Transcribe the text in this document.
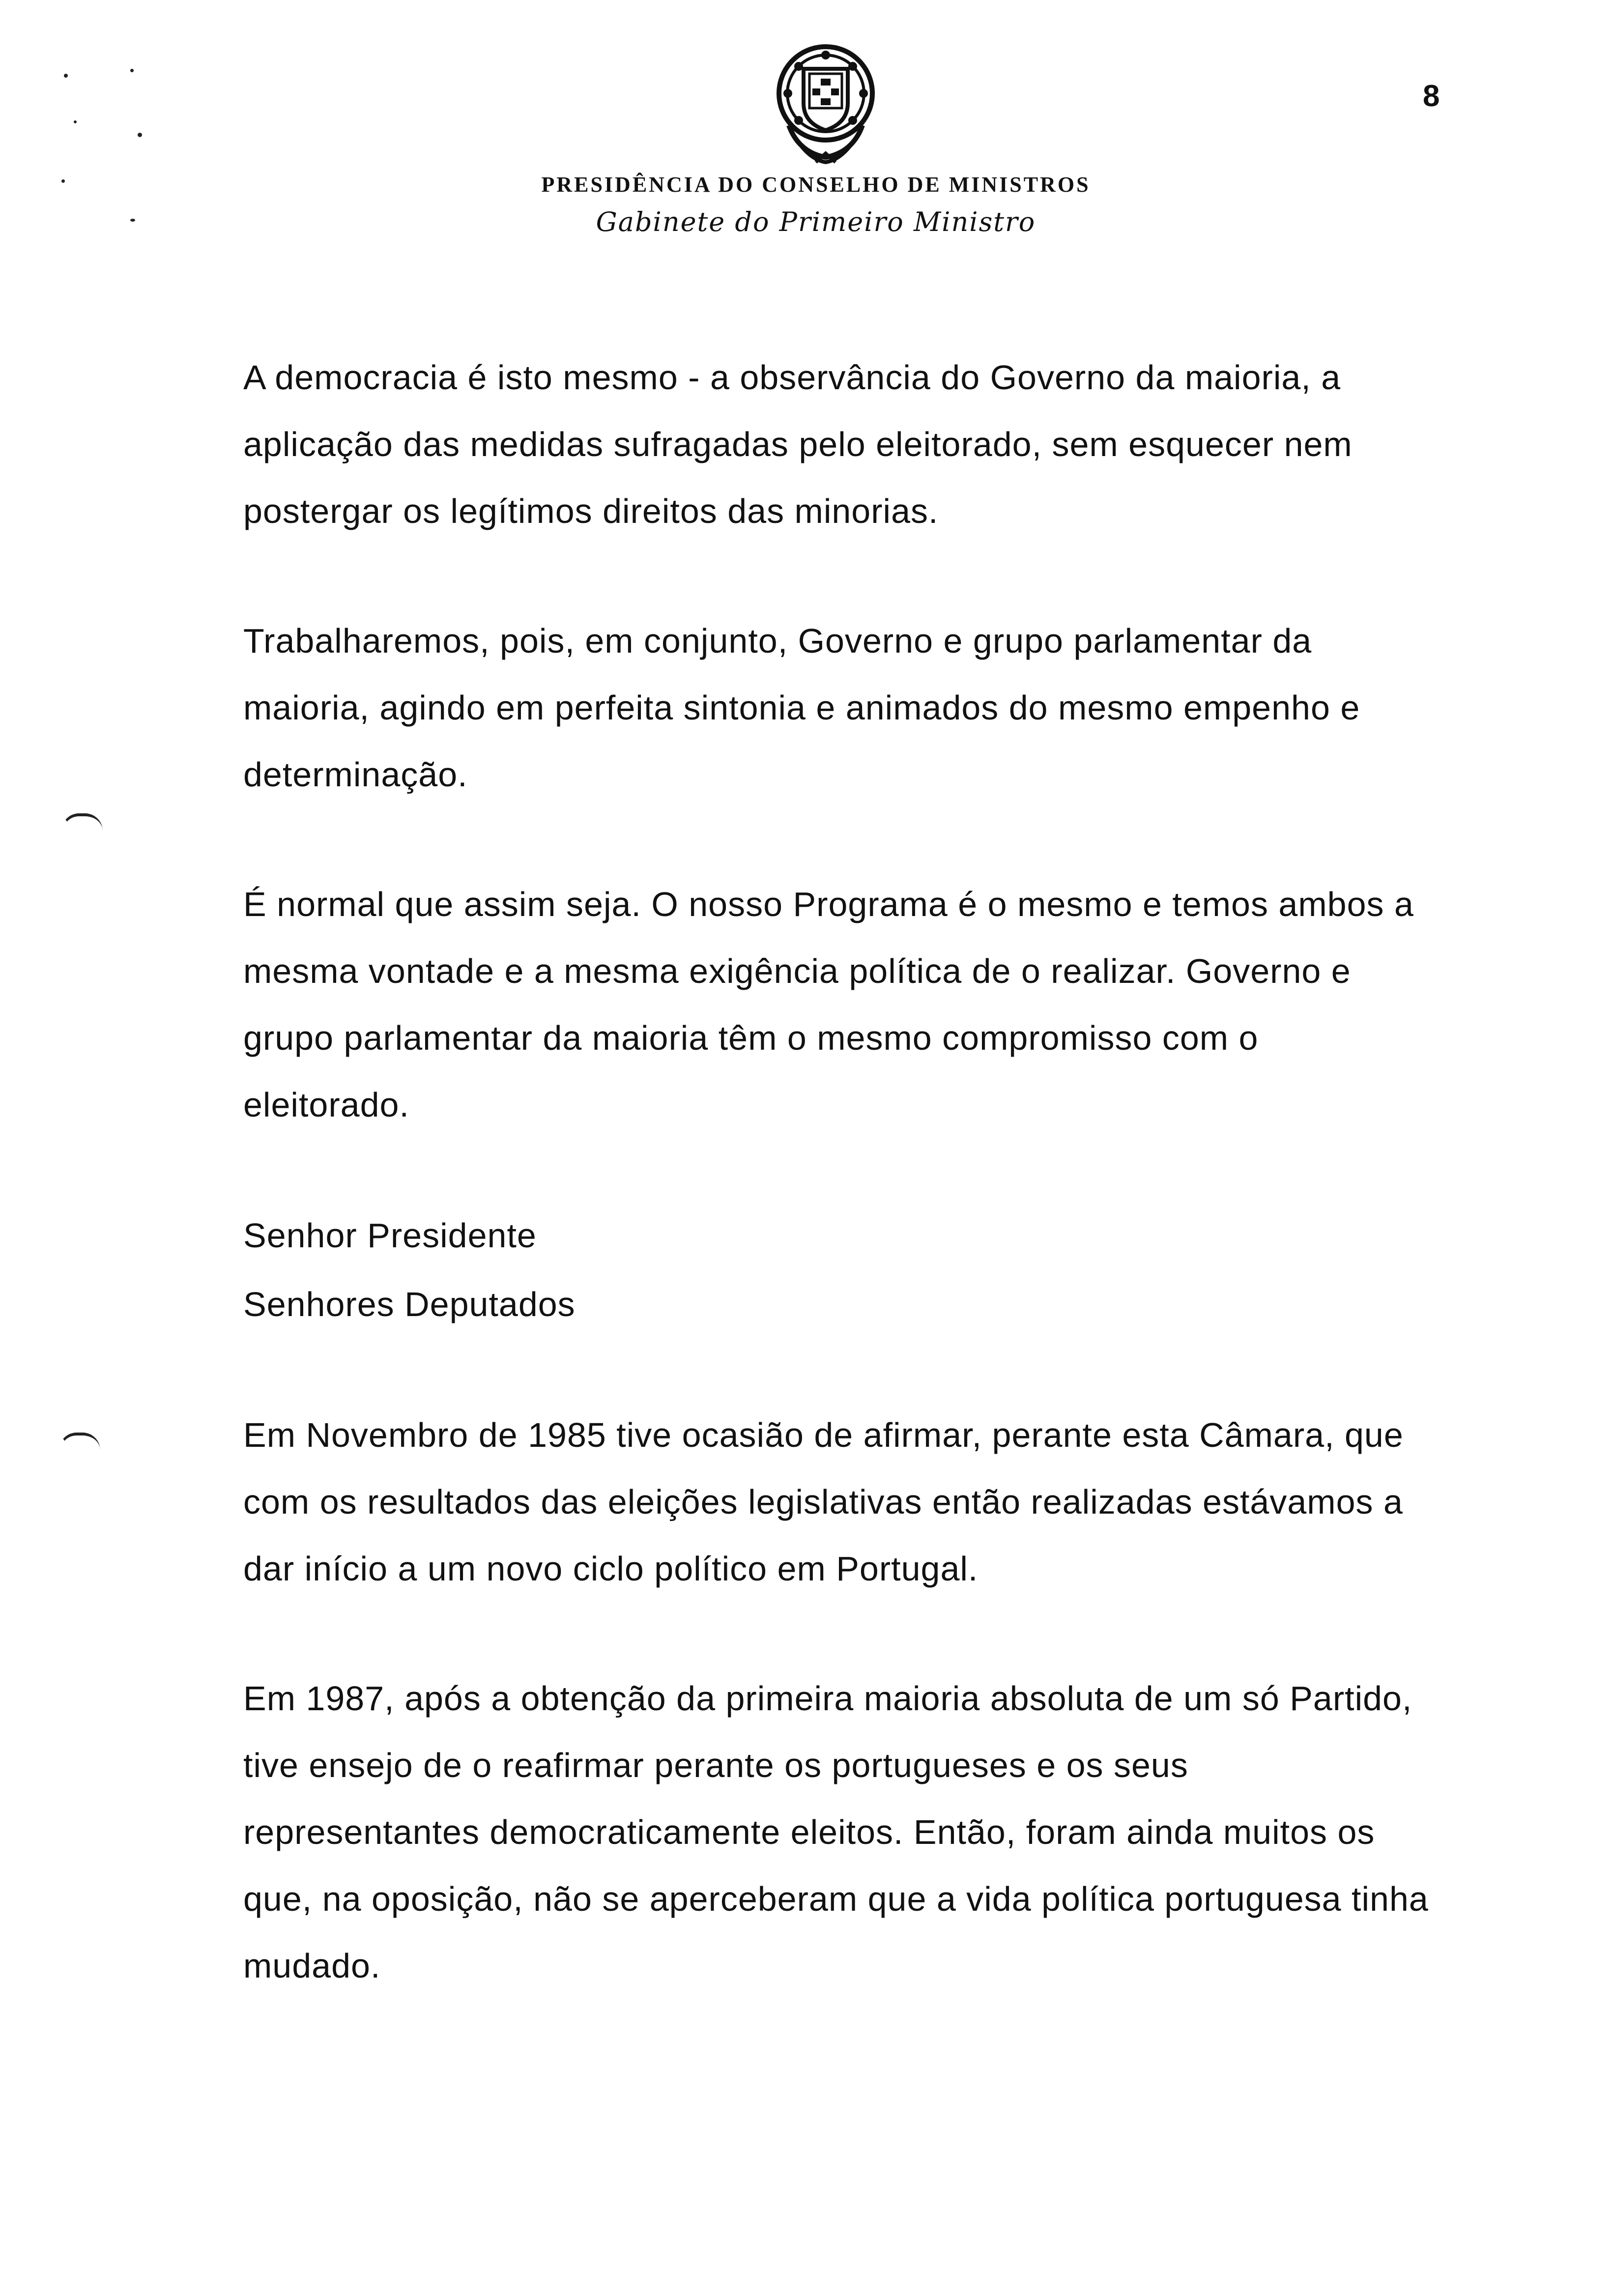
8
PRESIDÊNCIA DO CONSELHO DE MINISTROS
Gabinete do Primeiro Ministro
A democracia é isto mesmo - a observância do Governo da maioria, a
aplicação das medidas sufragadas pelo eleitorado, sem esquecer nem
postergar os legítimos direitos das minorias.
Trabalharemos, pois, em conjunto, Governo e grupo parlamentar da
maioria, agindo em perfeita sintonia e animados do mesmo empenho e
determinação.
É normal que assim seja. O nosso Programa é o mesmo e temos ambos a
mesma vontade e a mesma exigência política de o realizar. Governo e
grupo parlamentar da maioria têm o mesmo compromisso com o
eleitorado.
Senhor Presidente
Senhores Deputados
Em Novembro de 1985 tive ocasião de afirmar, perante esta Câmara, que
com os resultados das eleições legislativas então realizadas estávamos a
dar início a um novo ciclo político em Portugal.
Em 1987, após a obtenção da primeira maioria absoluta de um só Partido,
tive ensejo de o reafirmar perante os portugueses e os seus
representantes democraticamente eleitos. Então, foram ainda muitos os
que, na oposição, não se aperceberam que a vida política portuguesa tinha
mudado.
